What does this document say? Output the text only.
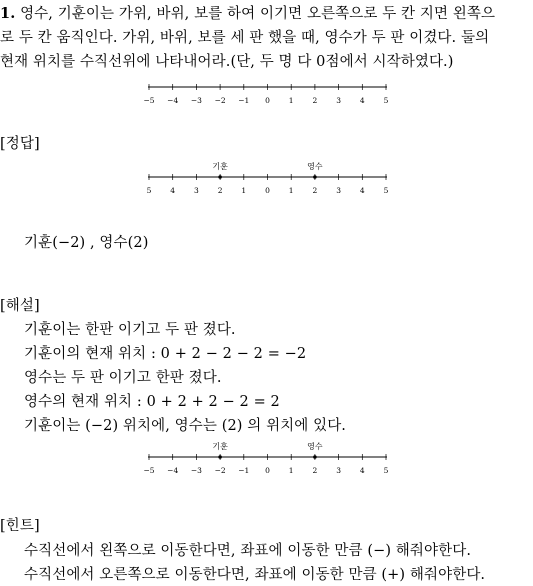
1. 영수, 기훈이는 가위, 바위, 보를 하여 이기면 오른쪽으로 두 칸 지면 왼쪽으
로 두 칸 움직인다. 가위, 바위, 보를 세 판 했을 때, 영수가 두 판 이겼다. 둘의
현재 위치를 수직선위에 나타내어라.(단, 두 명 다 0점에서 시작하였다.)
−5 −4 −3 −2 −1 0	1	2	3	4	5
[정답]
5	4	3	2	1	0	1	2	3	4	5
기훈	영수
기훈(−2) , 영수(2)
[해설]
기훈이는 한판 이기고 두 판 졌다.
기훈이의 현재 위치 : 0 + 2 − 2 − 2 = −2
영수는 두 판 이기고 한판 졌다.
영수의 현재 위치 : 0 + 2 + 2 − 2 = 2
기훈이는 (−2) 위치에, 영수는 (2) 의 위치에 있다.
−5 −4 −3 −2 −1 0	1	2	3	4	5
기훈	영수
[힌트]
수직선에서 왼쪽으로 이동한다면, 좌표에 이동한 만큼 (−) 해줘야한다.
수직선에서 오른쪽으로 이동한다면, 좌표에 이동한 만큼 (+) 해줘야한다.
